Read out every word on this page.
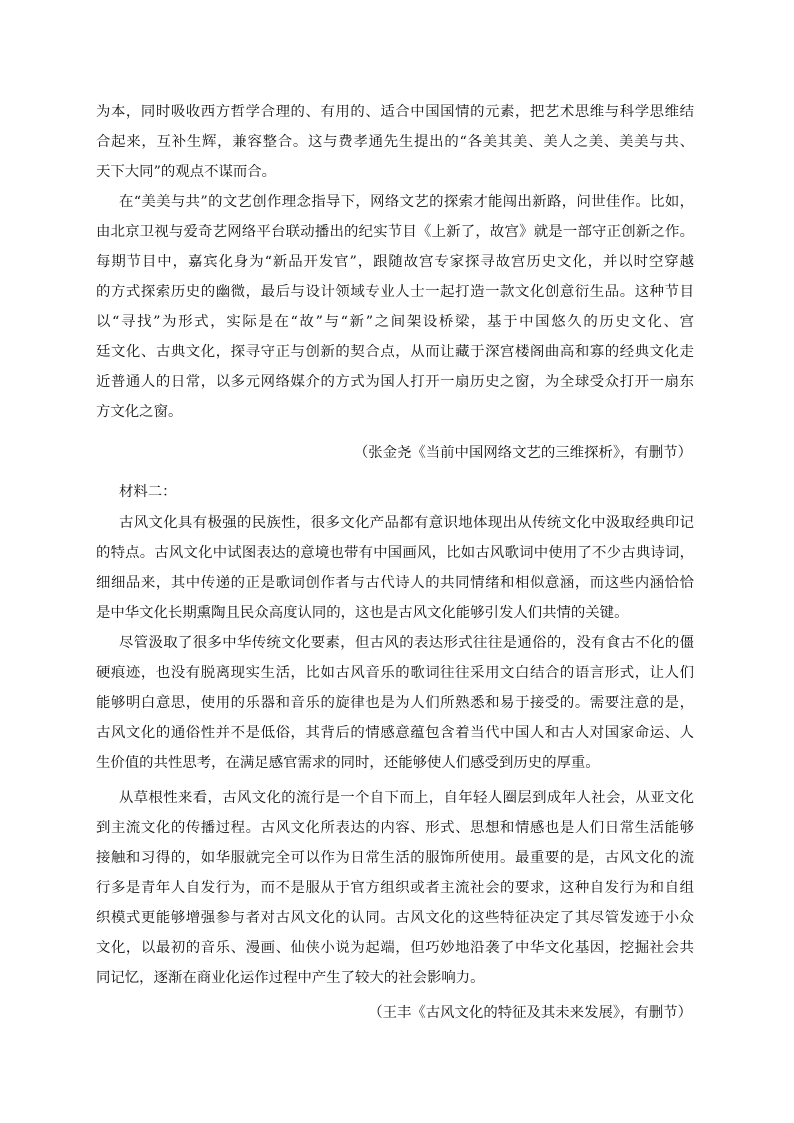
为本，同时吸收西方哲学合理的、有用的、适合中国国情的元素，把艺术思维与科学思维结
合起来，互补生辉，兼容整合。这与费孝通先生提出的“各美其美、美人之美、美美与共、
天下大同”的观点不谋而合。
在“美美与共”的文艺创作理念指导下，网络文艺的探索才能闯出新路，问世佳作。比如，
由北京卫视与爱奇艺网络平台联动播出的纪实节目《上新了，故宫》就是一部守正创新之作。
每期节目中，嘉宾化身为“新品开发官”，跟随故宫专家探寻故宫历史文化，并以时空穿越
的方式探索历史的幽微，最后与设计领域专业人士一起打造一款文化创意衍生品。这种节目
以“寻找”为形式，实际是在“故”与“新”之间架设桥梁，基于中国悠久的历史文化、宫
廷文化、古典文化，探寻守正与创新的契合点，从而让藏于深宫楼阁曲高和寡的经典文化走
近普通人的日常，以多元网络媒介的方式为国人打开一扇历史之窗，为全球受众打开一扇东
方文化之窗。
（张金尧《当前中国网络文艺的三维探析》，有删节）
材料二：
古风文化具有极强的民族性，很多文化产品都有意识地体现出从传统文化中汲取经典印记
的特点。古风文化中试图表达的意境也带有中国画风，比如古风歌词中使用了不少古典诗词，
细细品来，其中传递的正是歌词创作者与古代诗人的共同情绪和相似意涵，而这些内涵恰恰
是中华文化长期熏陶且民众高度认同的，这也是古风文化能够引发人们共情的关键。
尽管汲取了很多中华传统文化要素，但古风的表达形式往往是通俗的，没有食古不化的僵
硬痕迹，也没有脱离现实生活，比如古风音乐的歌词往往采用文白结合的语言形式，让人们
能够明白意思，使用的乐器和音乐的旋律也是为人们所熟悉和易于接受的。需要注意的是，
古风文化的通俗性并不是低俗，其背后的情感意蕴包含着当代中国人和古人对国家命运、人
生价值的共性思考，在满足感官需求的同时，还能够使人们感受到历史的厚重。
从草根性来看，古风文化的流行是一个自下而上，自年轻人圈层到成年人社会，从亚文化
到主流文化的传播过程。古风文化所表达的内容、形式、思想和情感也是人们日常生活能够
接触和习得的，如华服就完全可以作为日常生活的服饰所使用。最重要的是，古风文化的流
行多是青年人自发行为，而不是服从于官方组织或者主流社会的要求，这种自发行为和自组
织模式更能够增强参与者对古风文化的认同。古风文化的这些特征决定了其尽管发迹于小众
文化，以最初的音乐、漫画、仙侠小说为起端，但巧妙地沿袭了中华文化基因，挖掘社会共
同记忆，逐渐在商业化运作过程中产生了较大的社会影响力。
（王丰《古风文化的特征及其未来发展》，有删节）
